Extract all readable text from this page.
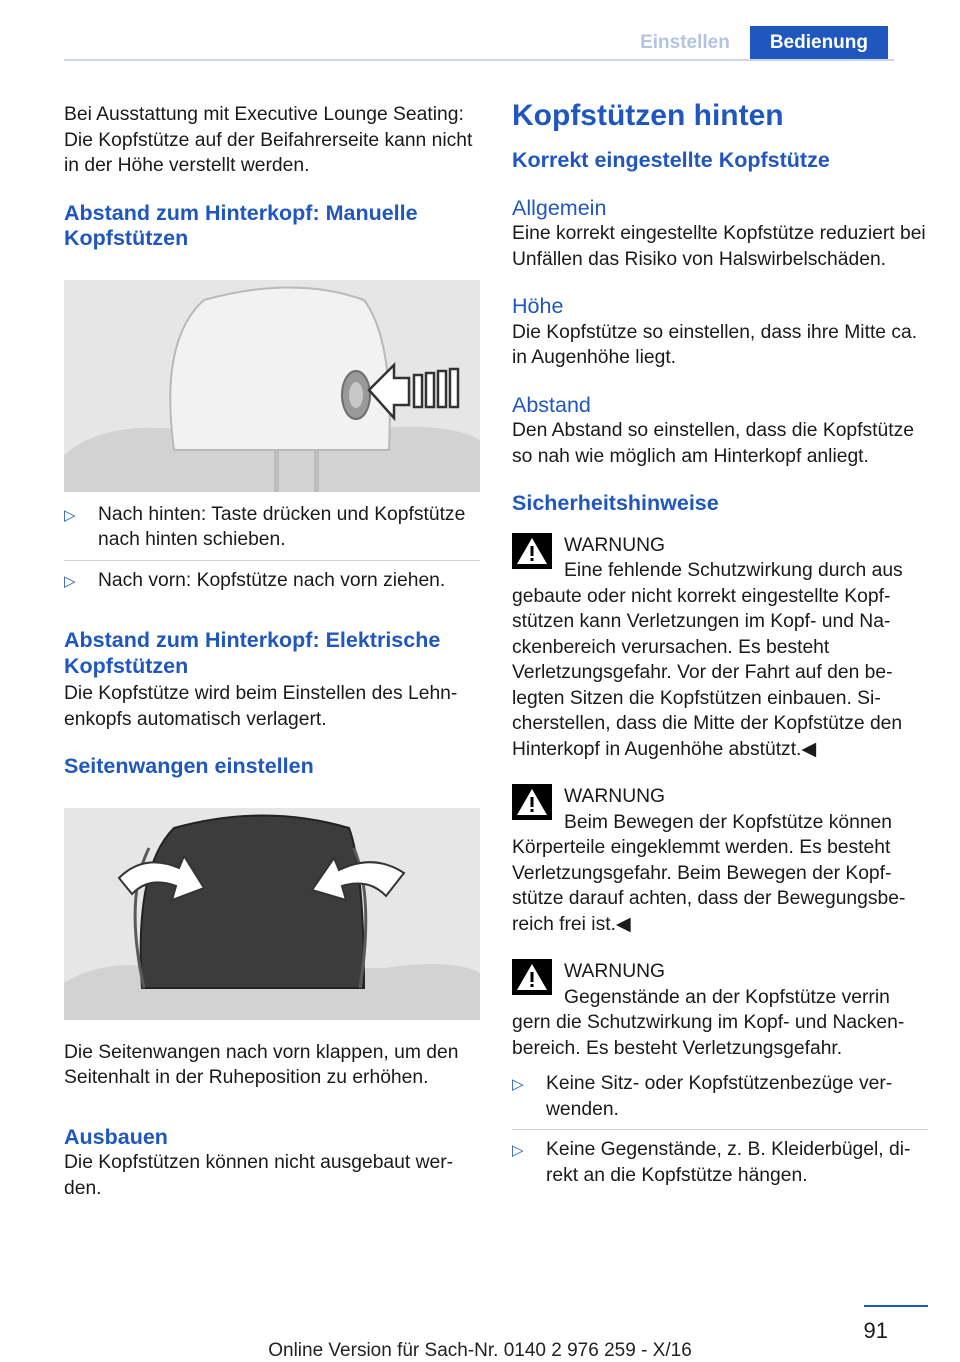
Einstellen	Bedienung

Bei Ausstattung mit Executive Lounge Seating: Die Kopfstütze auf der Beifahrerseite kann nicht in der Höhe verstellt werden.

Abstand zum Hinterkopf: Manuelle Kopfstützen
▷	Nach hinten: Taste drücken und Kopfstütze nach hinten schieben.
▷	Nach vorn: Kopfstütze nach vorn ziehen.
Abstand zum Hinterkopf: Elektrische Kopfstützen

Die Kopfstütze wird beim Einstellen des Lehnenkopfs automatisch verlagert.

Seitenwangen einstellen

Die Seitenwangen nach vorn klappen, um den Seitenhalt in der Ruheposition zu erhöhen.

Ausbauen

Die Kopfstützen können nicht ausgebaut werden.

Kopfstützen hinten
Korrekt eingestellte Kopfstütze
Allgemein

Eine korrekt eingestellte Kopfstütze reduziert bei Unfällen das Risiko von Halswirbelschäden.

Höhe

Die Kopfstütze so einstellen, dass ihre Mitte ca. in Augenhöhe liegt.

Abstand

Den Abstand so einstellen, dass die Kopfstütze so nah wie möglich am Hinterkopf anliegt.

Sicherheitshinweise
WARNUNG
Eine fehlende Schutzwirkung durch aus
gebaute oder nicht korrekt eingestellte Kopfstützen kann Verletzungen im Kopf- und Nackenbereich verursachen. Es besteht Verletzungsgefahr. Vor der Fahrt auf den belegten Sitzen die Kopfstützen einbauen. Sicherstellen, dass die Mitte der Kopfstütze den Hinterkopf in Augenhöhe abstützt.◀
WARNUNG
Beim Bewegen der Kopfstütze können
Körperteile eingeklemmt werden. Es besteht Verletzungsgefahr. Beim Bewegen der Kopfstütze darauf achten, dass der Bewegungsbereich frei ist.◀
WARNUNG
Gegenstände an der Kopfstütze verrin
gern die Schutzwirkung im Kopf- und Nackenbereich. Es besteht Verletzungsgefahr.
▷	Keine Sitz- oder Kopfstützenbezüge verwenden.
▷	Keine Gegenstände, z. B. Kleiderbügel, direkt an die Kopfstütze hängen.
91
Online Version für Sach-Nr. 0140 2 976 259 - X/16
